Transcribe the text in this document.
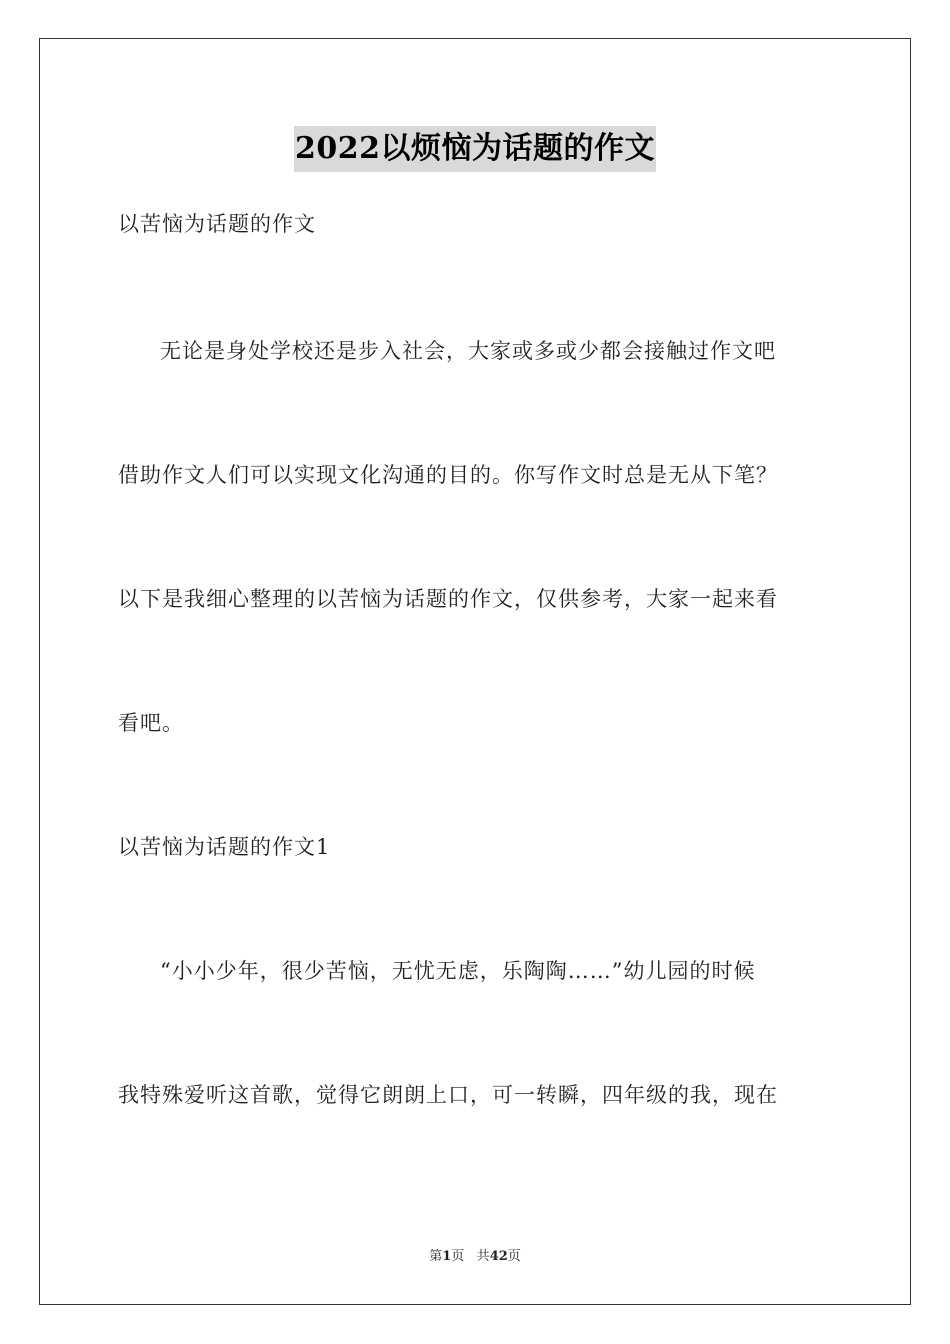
2022以烦恼为话题的作文
以苦恼为话题的作文
无论是身处学校还是步入社会，大家或多或少都会接触过作文吧
借助作文人们可以实现文化沟通的目的。你写作文时总是无从下笔？
以下是我细心整理的以苦恼为话题的作文，仅供参考，大家一起来看
看吧。
以苦恼为话题的作文1
“小小少年，很少苦恼，无忧无虑，乐陶陶……”幼儿园的时候
我特殊爱听这首歌，觉得它朗朗上口，可一转瞬，四年级的我，现在
第1页 共42页
